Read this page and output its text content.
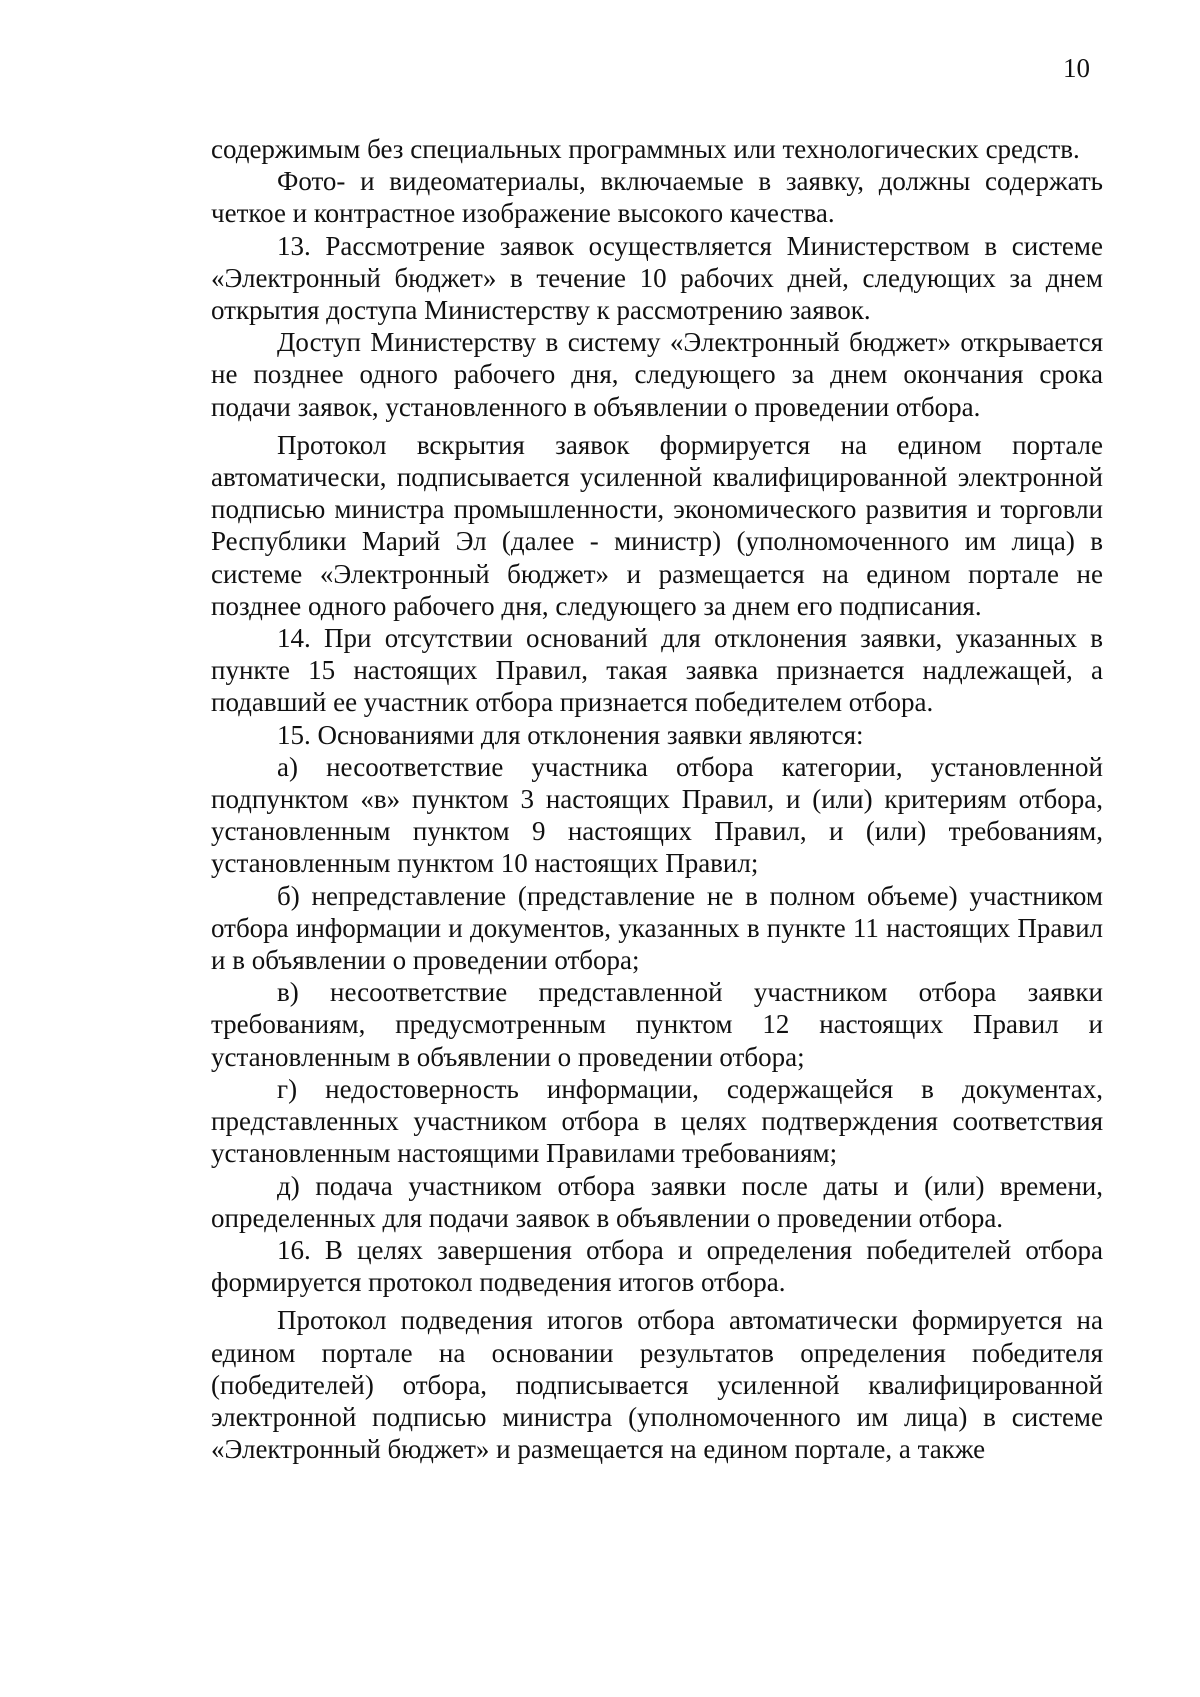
10

содержимым без специальных программных или технологических средств.

Фото- и видеоматериалы, включаемые в заявку, должны содержать четкое и контрастное изображение высокого качества.

13. Рассмотрение заявок осуществляется Министерством в системе «Электронный бюджет» в течение 10 рабочих дней, следующих за днем открытия доступа Министерству к рассмотрению заявок.

Доступ Министерству в систему «Электронный бюджет» открывается не позднее одного рабочего дня, следующего за днем окончания срока подачи заявок, установленного в объявлении о проведении отбора.

Протокол вскрытия заявок формируется на едином портале автоматически, подписывается усиленной квалифицированной электронной подписью министра промышленности, экономического развития и торговли Республики Марий Эл (далее - министр) (уполномоченного им лица) в системе «Электронный бюджет» и размещается на едином портале не позднее одного рабочего дня, следующего за днем его подписания.

14. При отсутствии оснований для отклонения заявки, указанных в пункте 15 настоящих Правил, такая заявка признается надлежащей, а подавший ее участник отбора признается победителем отбора.

15. Основаниями для отклонения заявки являются:

а) несоответствие участника отбора категории, установленной подпунктом «в» пунктом 3 настоящих Правил, и (или) критериям отбора, установленным пунктом 9 настоящих Правил, и (или) требованиям, установленным пунктом 10 настоящих Правил;

б) непредставление (представление не в полном объеме) участником отбора информации и документов, указанных в пункте 11 настоящих Правил и в объявлении о проведении отбора;

в) несоответствие представленной участником отбора заявки требованиям, предусмотренным пунктом 12 настоящих Правил и установленным в объявлении о проведении отбора;

г) недостоверность информации, содержащейся в документах, представленных участником отбора в целях подтверждения соответствия установленным настоящими Правилами требованиям;

д) подача участником отбора заявки после даты и (или) времени, определенных для подачи заявок в объявлении о проведении отбора.

16. В целях завершения отбора и определения победителей отбора формируется протокол подведения итогов отбора.

Протокол подведения итогов отбора автоматически формируется на едином портале на основании результатов определения победителя (победителей) отбора, подписывается усиленной квалифицированной электронной подписью министра (уполномоченного им лица) в системе «Электронный бюджет» и размещается на едином портале, а также
